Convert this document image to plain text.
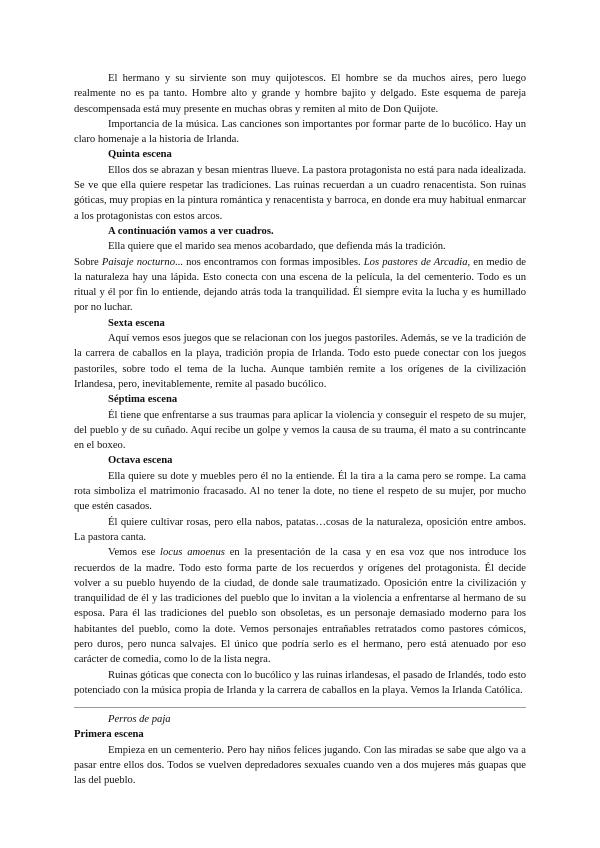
El hermano y su sirviente son muy quijotescos. El hombre se da muchos aires, pero luego realmente no es pa tanto. Hombre alto y grande y hombre bajito y delgado. Este esquema de pareja descompensada está muy presente en muchas obras y remiten al mito de Don Quijote.

Importancia de la música. Las canciones son importantes por formar parte de lo bucólico. Hay un claro homenaje a la historia de Irlanda.

Quinta escena

Ellos dos se abrazan y besan mientras llueve. La pastora protagonista no está para nada idealizada. Se ve que ella quiere respetar las tradiciones. Las ruinas recuerdan a un cuadro renacentista. Son ruinas góticas, muy propias en la pintura romántica y renacentista y barroca, en donde era muy habitual enmarcar a los protagonistas con estos arcos.

A continuación vamos a ver cuadros.

Ella quiere que el marido sea menos acobardado, que defienda más la tradición.

Sobre Paisaje nocturno... nos encontramos con formas imposibles. Los pastores de Arcadia, en medio de la naturaleza hay una lápida. Esto conecta con una escena de la película, la del cementerio. Todo es un ritual y él por fin lo entiende, dejando atrás toda la tranquilidad. Él siempre evita la lucha y es humillado por no luchar.

Sexta escena

Aquí vemos esos juegos que se relacionan con los juegos pastoriles. Además, se ve la tradición de la carrera de caballos en la playa, tradición propia de Irlanda. Todo esto puede conectar con los juegos pastoriles, sobre todo el tema de la lucha. Aunque también remite a los orígenes de la civilización Irlandesa, pero, inevitablemente, remite al pasado bucólico.

Séptima escena

Él tiene que enfrentarse a sus traumas para aplicar la violencia y conseguir el respeto de su mujer, del pueblo y de su cuñado. Aquí recibe un golpe y vemos la causa de su trauma, él mato a su contrincante en el boxeo.

Octava escena

Ella quiere su dote y muebles pero él no la entiende. Él la tira a la cama pero se rompe. La cama rota simboliza el matrimonio fracasado. Al no tener la dote, no tiene el respeto de su mujer, por mucho que estén casados.

Él quiere cultivar rosas, pero ella nabos, patatas…cosas de la naturaleza, oposición entre ambos. La pastora canta.

Vemos ese locus amoenus en la presentación de la casa y en esa voz que nos introduce los recuerdos de la madre. Todo esto forma parte de los recuerdos y orígenes del protagonista. Él decide volver a su pueblo huyendo de la ciudad, de donde sale traumatizado. Oposición entre la civilización y tranquilidad de él y las tradiciones del pueblo que lo invitan a la violencia a enfrentarse al hermano de su esposa. Para él las tradiciones del pueblo son obsoletas, es un personaje demasiado moderno para los habitantes del pueblo, como la dote. Vemos personajes entrañables retratados como pastores cómicos, pero duros, pero nunca salvajes. El único que podría serlo es el hermano, pero está atenuado por eso carácter de comedia, como lo de la lista negra.

Ruinas góticas que conecta con lo bucólico y las ruinas irlandesas, el pasado de Irlandés, todo esto potenciado con la música propia de Irlanda y la carrera de caballos en la playa. Vemos la Irlanda Católica.

Perros de paja

Primera escena

Empieza en un cementerio. Pero hay niños felices jugando. Con las miradas se sabe que algo va a pasar entre ellos dos. Todos se vuelven depredadores sexuales cuando ven a dos mujeres más guapas que las del pueblo.
